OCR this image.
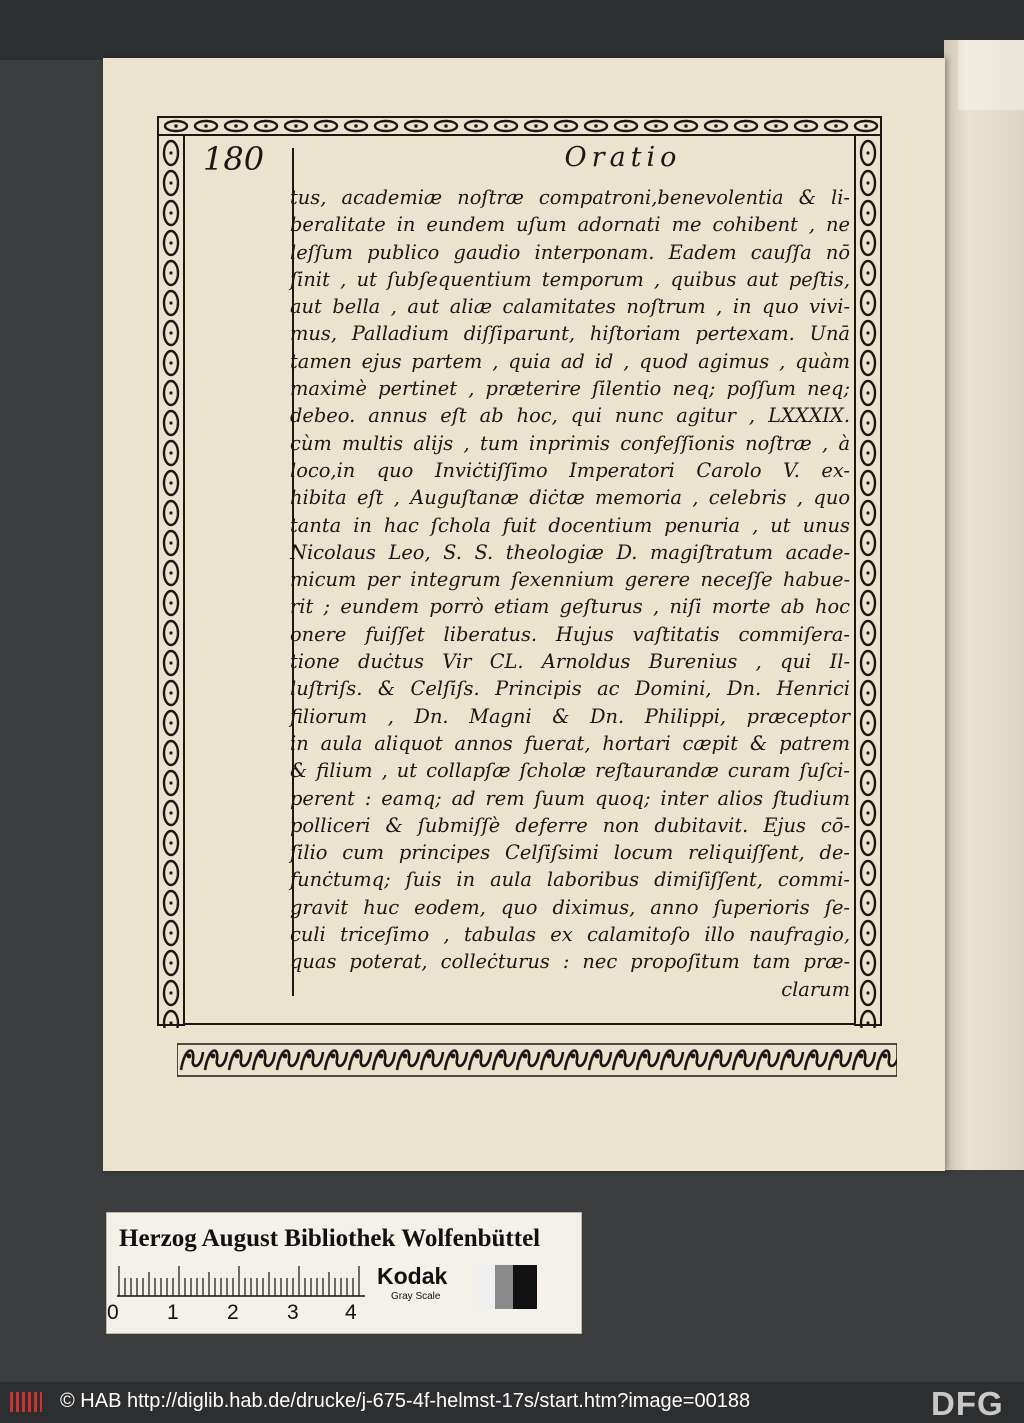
180	Oratio
tus, academiæ noſtræ compatroni,benevolentia & li-
beralitate in eundem uſum adornati me cohibent , ne
leſſum publico gaudio interponam. Eadem cauſſa nō
ſinit , ut ſubſequentium temporum , quibus aut peſtis,
aut bella , aut aliæ calamitates noſtrum , in quo vivi-
mus, Palladium diſſiparunt, hiſtoriam pertexam. Unā
tamen ejus partem , quia ad id , quod agimus , quàm
maximè pertinet , præterire ſilentio neq; poſſum neq;
debeo. annus eſt ab hoc, qui nunc agitur , LXXXIX.
cùm multis alijs , tum inprimis confeſſionis noſtræ , à
loco,in quo Inviċtiſſimo Imperatori Carolo V. ex-
hibita eſt , Auguſtanæ diċtæ memoria , celebris , quo
tanta in hac ſchola fuit docentium penuria , ut unus
Nicolaus Leo, S. S. theologiæ D. magiſtratum acade-
micum per integrum ſexennium gerere neceſſe habue-
rit ; eundem porrò etiam geſturus , niſi morte ab hoc
onere fuiſſet liberatus. Hujus vaſtitatis commiſera-
tione duċtus Vir CL. Arnoldus Burenius , qui Il-
luſtriſs. & Celſiſs. Principis ac Domini, Dn. Henrici
filiorum , Dn. Magni & Dn. Philippi, præceptor
in aula aliquot annos fuerat, hortari cæpit & patrem
& filium , ut collapſæ ſcholæ reſtaurandæ curam ſuſci-
perent : eamq; ad rem ſuum quoq; inter alios ſtudium
polliceri & ſubmiſſè deferre non dubitavit. Ejus cō-
ſilio cum principes Celſiſsimi locum reliquiſſent, de-
funċtumq; ſuis in aula laboribus dimiſiſſent, commi-
gravit huc eodem, quo diximus, anno ſuperioris ſe-
culi triceſimo , tabulas ex calamitoſo illo naufragio,
quas poterat, colleċturus : nec propoſitum tam præ-
clarum
Herzog August Bibliothek Wolfenbüttel
0 1 2 3 4
Kodak
Gray Scale
© HAB http://diglib.hab.de/drucke/j-675-4f-helmst-17s/start.htm?image=00188	DFG
